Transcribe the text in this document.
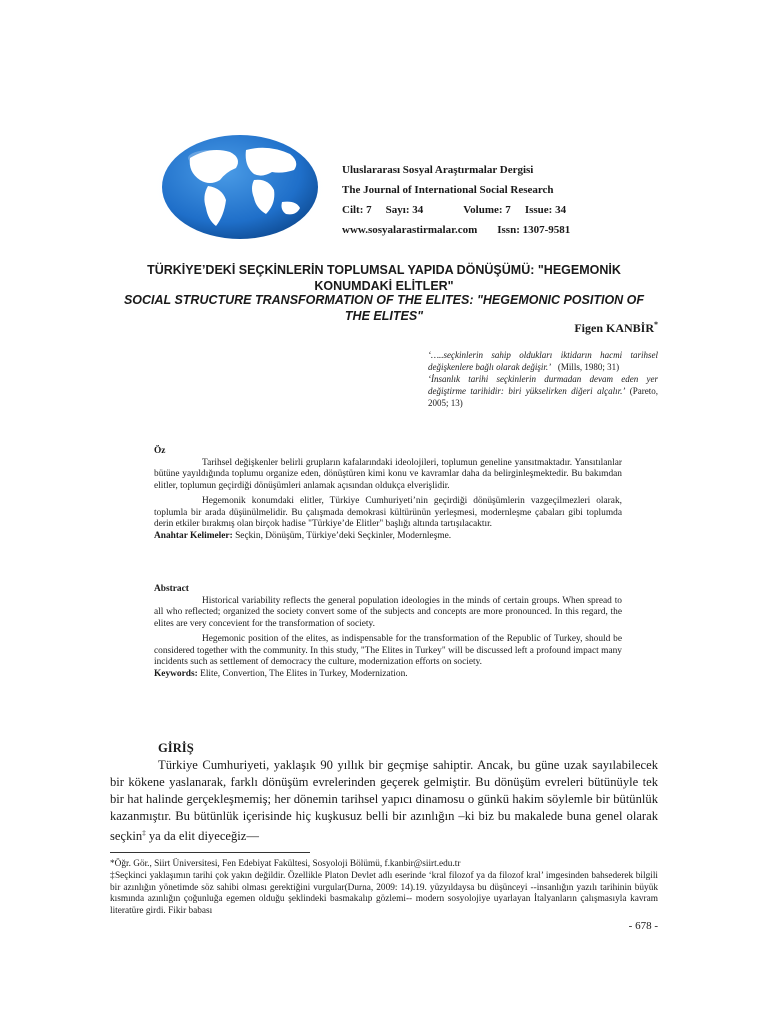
Uluslararası Sosyal Araştırmalar Dergisi
The Journal of International Social Research
Cilt: 7 Sayı: 34	Volume: 7 Issue: 34
www.sosyalarastirmalar.com Issn: 1307-9581
TÜRKİYE’DEKİ SEÇKİNLERİN TOPLUMSAL YAPIDA DÖNÜŞÜMÜ: "HEGEMONİK KONUMDAKİ ELİTLER"
SOCIAL STRUCTURE TRANSFORMATION OF THE ELITES: "HEGEMONIC POSITION OF THE ELITES"
Figen KANBİR*
‘…..seçkinlerin sahip oldukları iktidarın hacmi tarihsel değişkenlere bağlı olarak değişir.’ (Mills, 1980; 31)
‘İnsanlık tarihi seçkinlerin durmadan devam eden yer değiştirme tarihidir: biri yükselirken diğeri alçalır.’ (Pareto, 2005; 13)

Öz

Tarihsel değişkenler belirli grupların kafalarındaki ideolojileri, toplumun geneline yansıtmaktadır. Yansıtılanlar bütüne yayıldığında toplumu organize eden, dönüştüren kimi konu ve kavramlar daha da belirginleşmektedir. Bu bakımdan elitler, toplumun geçirdiği dönüşümleri anlamak açısından oldukça elverişlidir.

Hegemonik konumdaki elitler, Türkiye Cumhuriyeti’nin geçirdiği dönüşümlerin vazgeçilmezleri olarak, toplumla bir arada düşünülmelidir. Bu çalışmada demokrasi kültürünün yerleşmesi, modernleşme çabaları gibi toplumda derin etkiler bırakmış olan birçok hadise "Türkiye’de Elitler" başlığı altında tartışılacaktır.

Anahtar Kelimeler: Seçkin, Dönüşüm, Türkiye’deki Seçkinler, Modernleşme.

Abstract

Historical variability reflects the general population ideologies in the minds of certain groups. When spread to all who reflected; organized the society convert some of the subjects and concepts are more pronounced. In this regard, the elites are very concevient for the transformation of society.

Hegemonic position of the elites, as indispensable for the transformation of the Republic of Turkey, should be considered together with the community. In this study, "The Elites in Turkey" will be discussed left a profound impact many incidents such as settlement of democracy the culture, modernization efforts on society.

Keywords: Elite, Convertion, The Elites in Turkey, Modernization.

GİRİŞ

Türkiye Cumhuriyeti, yaklaşık 90 yıllık bir geçmişe sahiptir. Ancak, bu güne uzak sayılabilecek bir kökene yaslanarak, farklı dönüşüm evrelerinden geçerek gelmiştir. Bu dönüşüm evreleri bütünüyle tek bir hat halinde gerçekleşmemiş; her dönemin tarihsel yapıcı dinamosu o günkü hakim söylemle bir bütünlük kazanmıştır. Bu bütünlük içerisinde hiç kuşkusuz belli bir azınlığın –ki biz bu makalede buna genel olarak seçkin‡ ya da elit diyeceğiz—

*Öğr. Gör., Siirt Üniversitesi, Fen Edebiyat Fakültesi, Sosyoloji Bölümü, f.kanbir@siirt.edu.tr

‡Seçkinci yaklaşımın tarihi çok yakın değildir. Özellikle Platon Devlet adlı eserinde ‘kral filozof ya da filozof kral’ imgesinden bahsederek bilgili bir azınlığın yönetimde söz sahibi olması gerektiğini vurgular(Durna, 2009: 14).19. yüzyıldaysa bu düşünceyi --insanlığın yazılı tarihinin büyük kısmında azınlığın çoğunluğa egemen olduğu şeklindeki basmakalıp gözlemi-- modern sosyolojiye uyarlayan İtalyanların çalışmasıyla kavram literatüre girdi. Fikir babası

- 678 -
